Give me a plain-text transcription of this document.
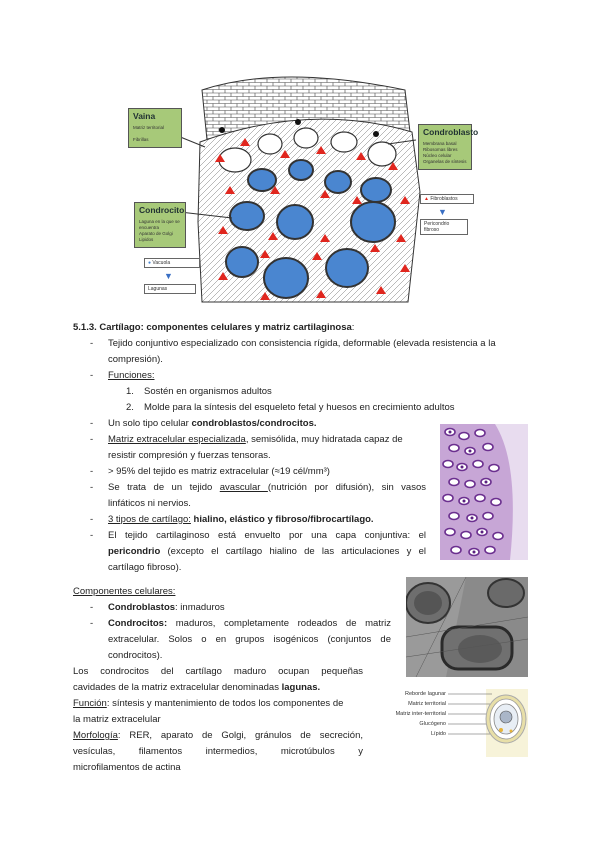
Vaina
Matriz territorial
Fibrillas
Condroblasto
Membrana basal
Ribosomas libres
Núcleo celular
Organelas de síntesis
Condrocito
Laguna en la que se
encuentra
Aparato de Golgi
Lipidos
▲ Fibroblastos
▼
Pericondrio fibroso
● Vacuola
▼
Lagunas
5.1.3. Cartílago: componentes celulares y matriz cartilaginosa:
- Tejido conjuntivo especializado con consistencia rígida, deformable (elevada resistencia a la
compresión).
- Funciones:
1. Sostén en organismos adultos
2. Molde para la síntesis del esqueleto fetal y huesos en crecimiento adultos
- Un solo tipo celular condroblastos/condrocitos.
- Matriz extracelular especializada, semisólida, muy hidratada capaz de
resistir compresión y fuerzas tensoras.
- > 95% del tejido es matriz extracelular (≈19 cél/mm³)
- Se trata de un tejido avascular (nutrición por difusión), sin vasos
linfáticos ni nervios.
- 3 tipos de cartílago: hialino, elástico y fibroso/fibrocartílago.
- El tejido cartilaginoso está envuelto por una capa conjuntiva: el
pericondrio (excepto el cartílago hialino de las articulaciones y el
cartílago fibroso).
Componentes celulares:
- Condroblastos: inmaduros
- Condrocitos: maduros, completamente rodeados de matriz
extracelular. Solos o en grupos isogénicos (conjuntos de
condrocitos).
Los condrocitos del cartílago maduro ocupan pequeñas
cavidades de la matriz extracelular denominadas lagunas.
Función: síntesis y mantenimiento de todos los componentes de
la matriz extracelular
Morfología: RER, aparato de Golgi, gránulos de secreción,
vesículas, filamentos intermedios, microtúbulos y
microfilamentos de actina
Reborde lagunar
Matriz territorial
Matriz inter-territorial
Glucógeno
Lípido
